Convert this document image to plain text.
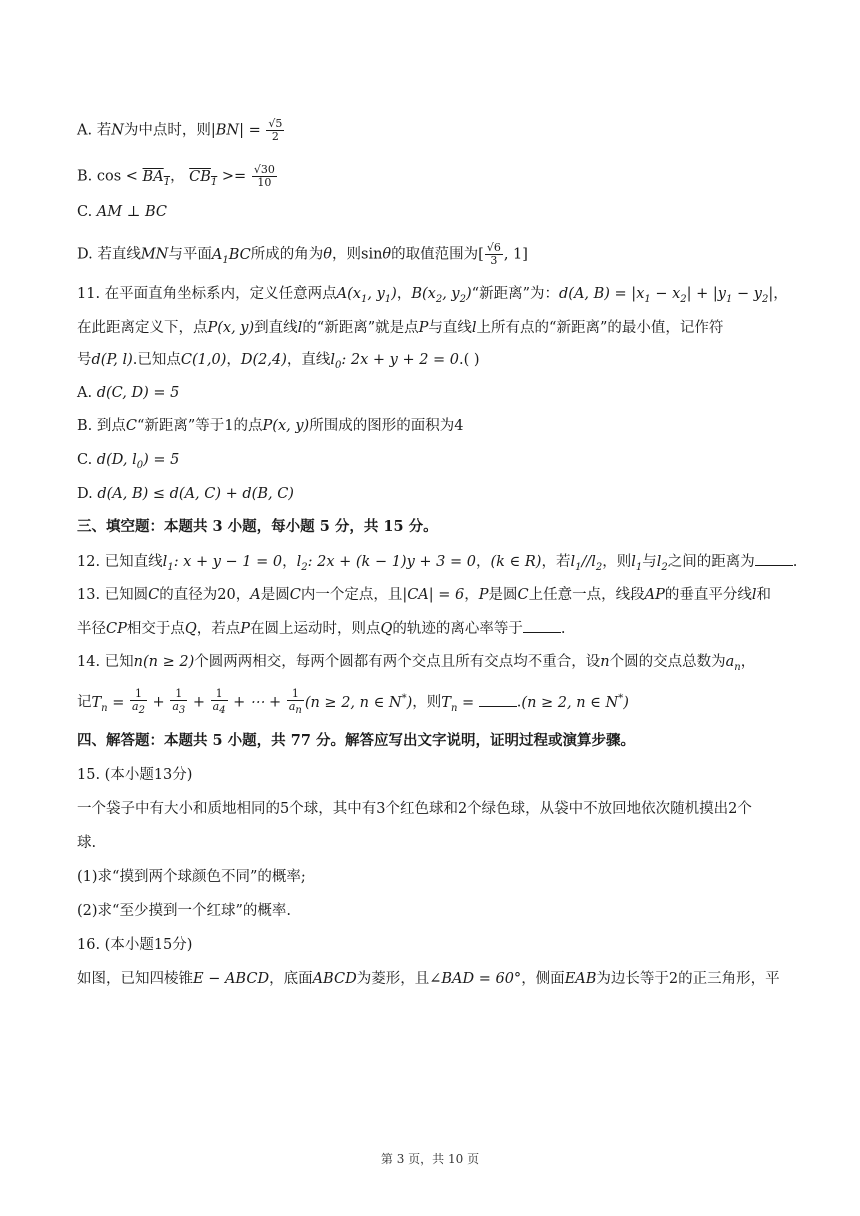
A. 若N为中点时，则$|BN| = \frac{√5}{2}$
B. $\cos < BA_1$， $CB_1 >= \frac{√30}{10}$
C. AM ⊥ BC
D. 若直线MN与平面$A_1BC$所成的角为θ，则sinθ的取值范围为[ $\frac{√6}{3}$ , 1]
11. 在平面直角坐标系内，定义任意两点$A(x_1$, $y_1$)，$B(x_2$, $y_2)“$新距离”为：d(A, $B) = |x_1 - x_2| + |y_1 - y_2|$，
在此距离定义下，点P(x, y)到直线l的“新距离”就是点P与直线l上所有点的“新距离”的最小值，记作符
号d(P, l).已知点C(1,0)，D(2,4)，直线$l_0$: 2x + y + 2 = 0.( )
A. d(C, D) = 5
B. 到点C“新距离”等于1的点P(x, y)所围成的图形的面积为4
C. d(D, $l_0) = 5$
D. d(A, B) ≤ d(A, C) + d(B, C)
三、填空题：本题共 3 小题，每小题 5 分，共 15 分。
12. 已知直线$l_1$: x + y − 1 = 0，$l_2$: 2x + (k − 1)y + 3 = 0，(k ∈ R)，若$l_1//l_2$，则$l_1$与$l_2$之间的距离为	.
13. 已知圆C的直径为20，A是圆C内一个定点，且|CA| = 6，P是圆C上任意一点，线段AP的垂直平分线l和
半径CP相交于点Q，若点P在圆上运动时，则点Q的轨迹的离心率等于	.
14. 已知n(n ≥ 2)个圆两两相交，每两个圆都有两个交点且所有交点均不重合，设n个圆的交点总数为$a_n$，
记$T_n = \frac{1}{a_2} + \frac{1}{a_3} + \frac{1}{a_4}$ + ⋯ + $\frac{1}{a_n} (n \ge 2$, n ∈ N*)，则$T_n$ =	.(n ≥ 2, n ∈ N*)
四、解答题：本题共 5 小题，共 77 分。解答应写出文字说明，证明过程或演算步骤。
15. (本小题13分)
一个袋子中有大小和质地相同的5个球，其中有3个红色球和2个绿色球，从袋中不放回地依次随机摸出2个
球.
(1)求“摸到两个球颜色不同”的概率;
(2)求“至少摸到一个红球”的概率.
16. (本小题15分)
如图，已知四棱锥E − ABCD，底面ABCD为菱形，且∠BAD = 60°，侧面EAB为边长等于2的正三角形，平
第 3 页，共 10 页
